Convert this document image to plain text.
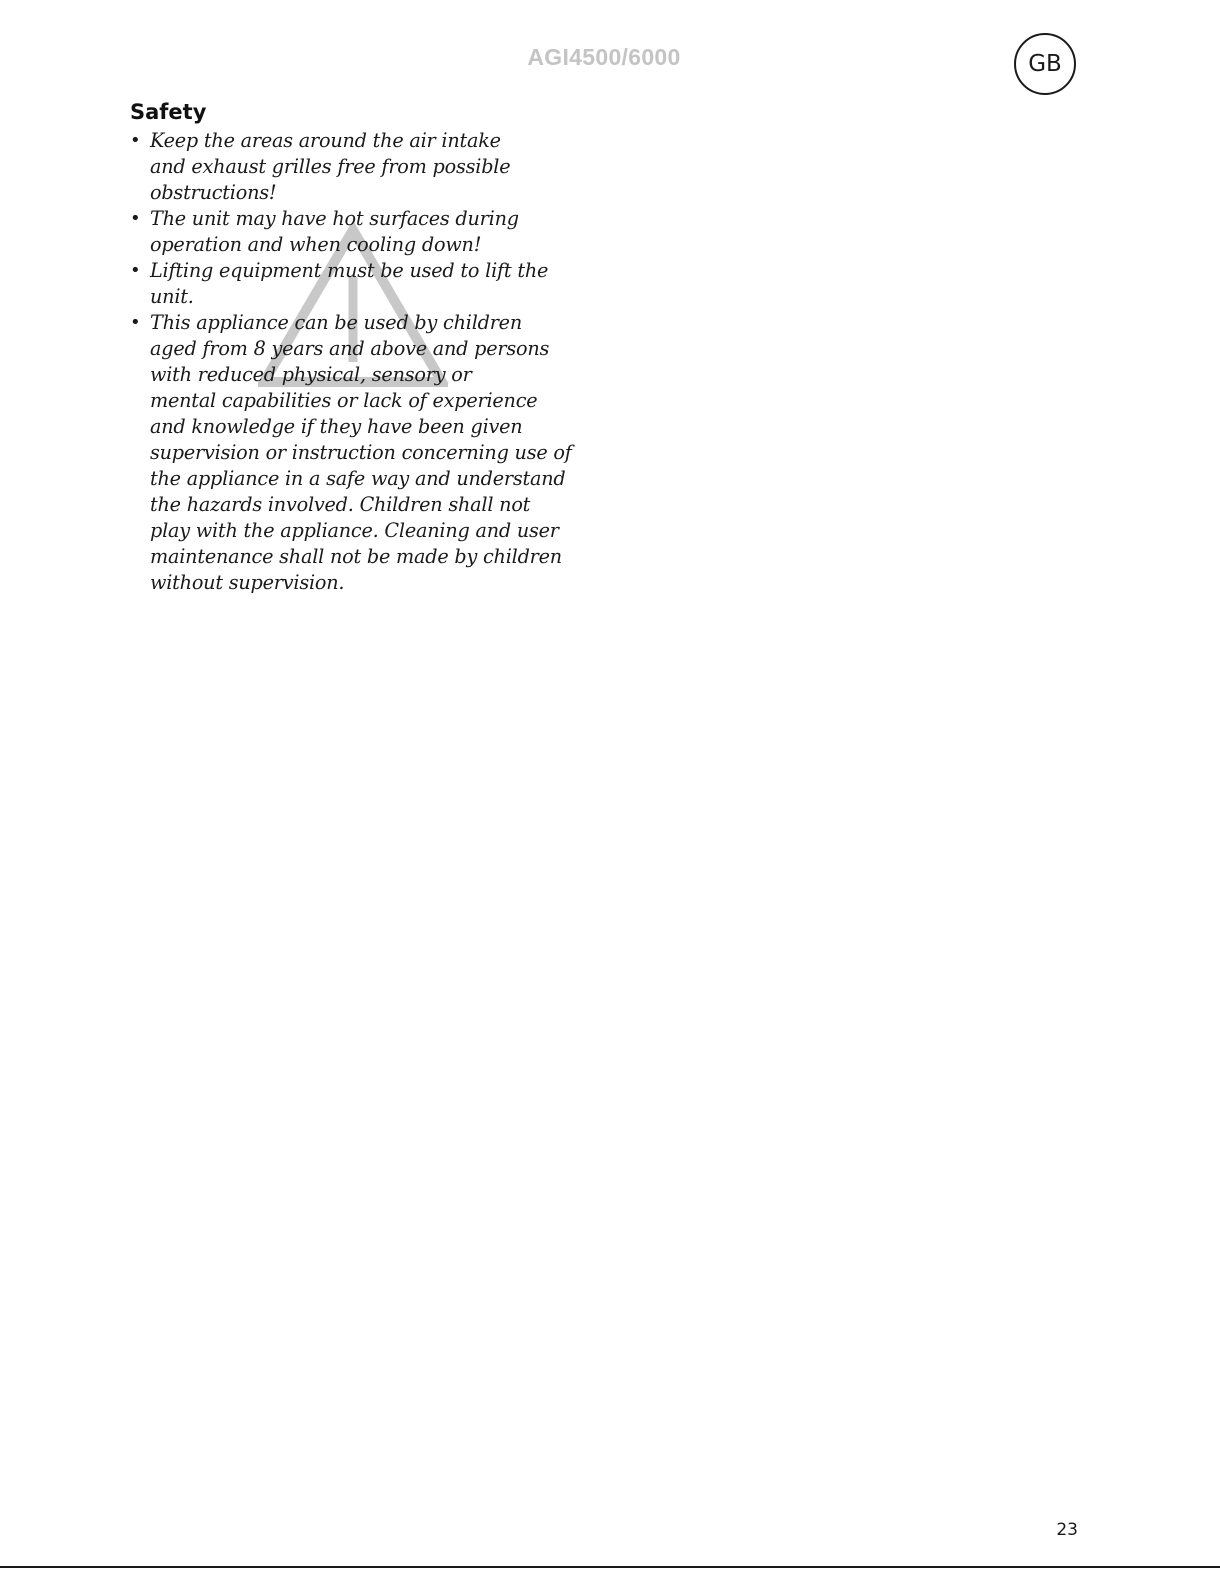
AGI4500/6000	GB
Safety
• Keep the areas around the air intake
and exhaust grilles free from possible
obstructions!
• The unit may have hot surfaces during
operation and when cooling down!
• Lifting equipment must be used to lift the
unit.
• This appliance can be used by children
aged from 8 years and above and persons
with reduced physical, sensory or
mental capabilities or lack of experience
and knowledge if they have been given
supervision or instruction concerning use of
the appliance in a safe way and understand
the hazards involved. Children shall not
play with the appliance. Cleaning and user
maintenance shall not be made by children
without supervision.
23
